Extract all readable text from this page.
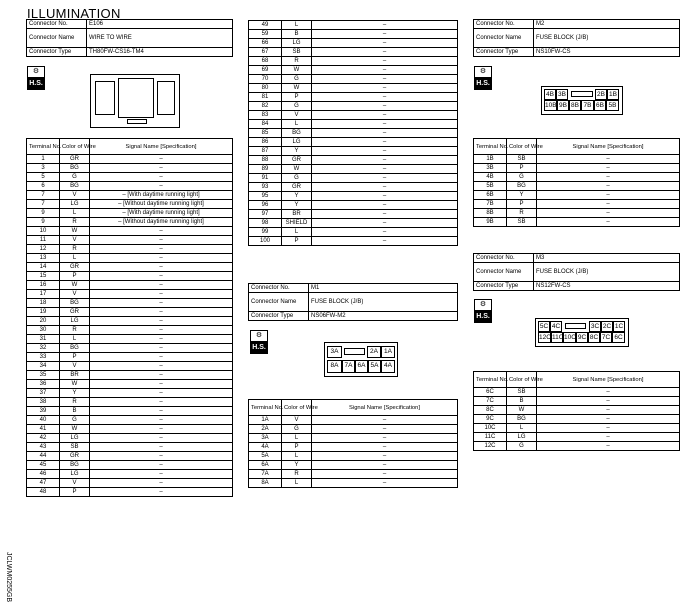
ILLUMINATION
JCLWM0255GB
Connector No.	E106
Connector Name	WIRE TO WIRE
Connector Type	TH80FW-CS16-TM4
⚙
H.S.
Terminal No.	Color of Wire	Signal Name [Specification]
1	GR	–
3	BG	–
5	G	–
6	BG	–
7	V	– [With daytime running light]
7	LG	– [Without daytime running light]
9	L	– [With daytime running light]
9	R	– [Without daytime running light]
10	W	–
11	V	–
12	R	–
13	L	–
14	GR	–
15	P	–
16	W	–
17	V	–
18	BG	–
19	GR	–
20	LG	–
30	R	–
31	L	–
32	BG	–
33	P	–
34	V	–
35	BR	–
36	W	–
37	Y	–
38	R	–
39	B	–
40	G	–
41	W	–
42	LG	–
43	SB	–
44	GR	–
45	BG	–
46	LG	–
47	V	–
48	P	–
49	L	–
59	B	–
66	LG	–
67	SB	–
68	R	–
69	W	–
70	G	–
80	W	–
81	P	–
82	G	–
83	V	–
84	L	–
85	BG	–
86	LG	–
87	Y	–
88	GR	–
89	W	–
91	G	–
93	GR	–
95	Y	–
96	Y	–
97	BR	–
98	SHIELD	–
99	L	–
100	P	–
Connector No.	M1
Connector Name	FUSE BLOCK (J/B)
Connector Type	NS06FW-M2
⚙
H.S.
3A	2A 1A
8A 7A 6A 5A 4A
Terminal No.	Color of Wire	Signal Name [Specification]
1A	V	–
2A	G	–
3A	L	–
4A	P	–
5A	L	–
6A	Y	–
7A	R	–
8A	L	–
Connector No.	M2
Connector Name	FUSE BLOCK (J/B)
Connector Type	NS10FW-CS
⚙
H.S.
4B 3B	2B 1B
10B 9B 8B 7B 6B 5B
Terminal No.	Color of Wire	Signal Name [Specification]
1B	SB	–
3B	P	–
4B	G	–
5B	BG	–
6B	Y	–
7B	P	–
8B	R	–
9B	SB	–
Connector No.	M3
Connector Name	FUSE BLOCK (J/B)
Connector Type	NS12FW-CS
⚙
H.S.
5C 4C	3C 2C 1C
12C 11C 10C 9C 8C 7C 6C
Terminal No.	Color of Wire	Signal Name [Specification]
6C	SB	–
7C	B	–
8C	W	–
9C	BG	–
10C	L	–
11C	LG	–
12C	G	–
